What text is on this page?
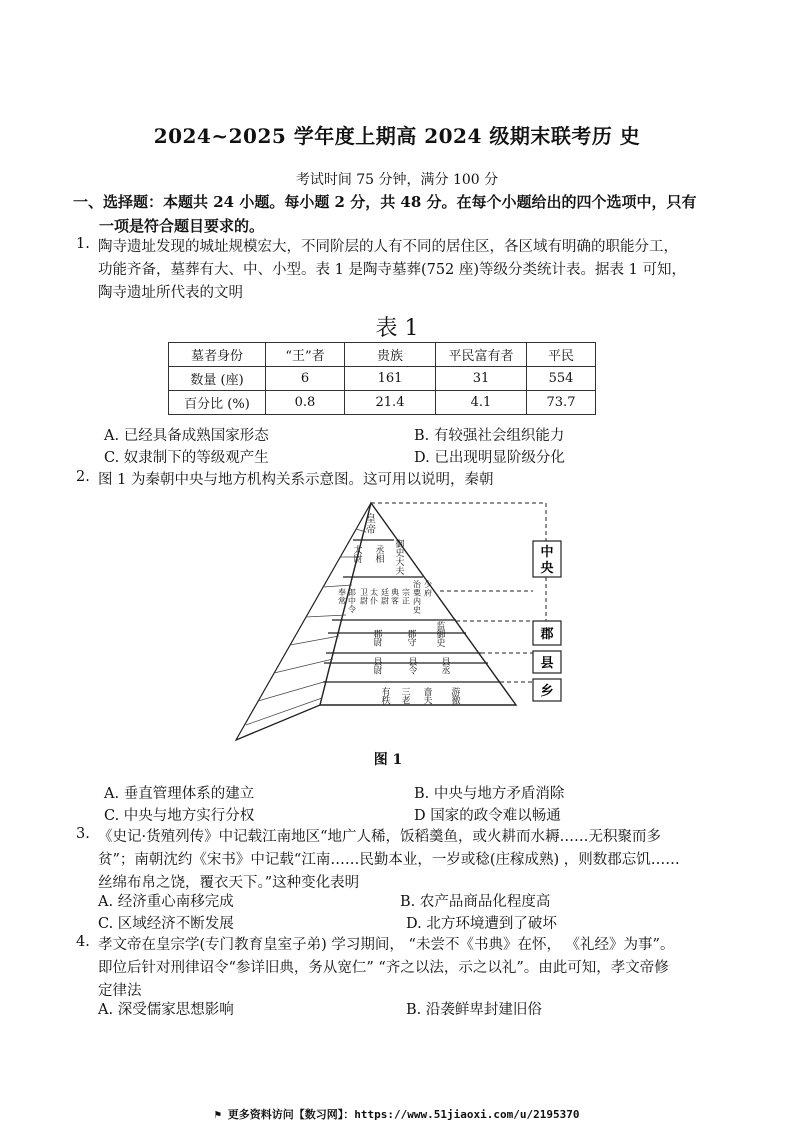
2024~2025 学年度上期高 2024 级期末联考历 史
考试时间 75 分钟，满分 100 分
一、选择题：本题共 24 小题。每小题 2 分，共 48 分。在每个小题给出的四个选项中，只有
一项是符合题目要求的。
1. 陶寺遗址发现的城址规模宏大，不同阶层的人有不同的居住区，各区域有明确的职能分工，
功能齐备，墓葬有大、中、小型。表 1 是陶寺墓葬(752 座)等级分类统计表。据表 1 可知，
陶寺遗址所代表的文明
表 1
墓者身份	“王”者	贵族	平民富有者	平民
数量 (座)	6	161	31	554
百分比 (%)	0.8	21.4	4.1	73.7
A. 已经具备成熟国家形态	B. 有较强社会组织能力
C. 奴隶制下的等级观产生	D. 已出现明显阶级分化
2. 图 1 为秦朝中央与地方机构关系示意图。这可用以说明，秦朝
中
央
郡
县
乡
皇帝
太尉
丞相
御史大夫
奉常
郎中令
卫尉
太仆
廷尉
典客
宗正
治粟内史
少府
郡尉
郡守
监御史
县尉
县令
县丞
有秩
三老
啬夫
游徼
图 1
A. 垂直管理体系的建立	B. 中央与地方矛盾消除
C. 中央与地方实行分权	D 国家的政令难以畅通
3. 《史记·货殖列传》中记载江南地区“地广人稀，饭稻羹鱼，或火耕而水耨……无积聚而多
贫”；南朝沈约《宋书》中记载“江南……民勤本业，一岁或稔(庄稼成熟) ，则数郡忘饥……
丝绵布帛之饶，覆衣天下。”这种变化表明
A. 经济重心南移完成	B. 农产品商品化程度高
C. 区域经济不断发展	D. 北方环境遭到了破坏
4. 孝文帝在皇宗学(专门教育皇室子弟) 学习期间， “未尝不《书典》在怀， 《礼经》为事”。
即位后针对刑律诏令“参详旧典，务从宽仁” “齐之以法，示之以礼”。由此可知，孝文帝修
定律法
A. 深受儒家思想影响	B. 沿袭鲜卑封建旧俗
⚑ 更多资料访问【数习网】：https://www.51jiaoxi.com/u/2195370
